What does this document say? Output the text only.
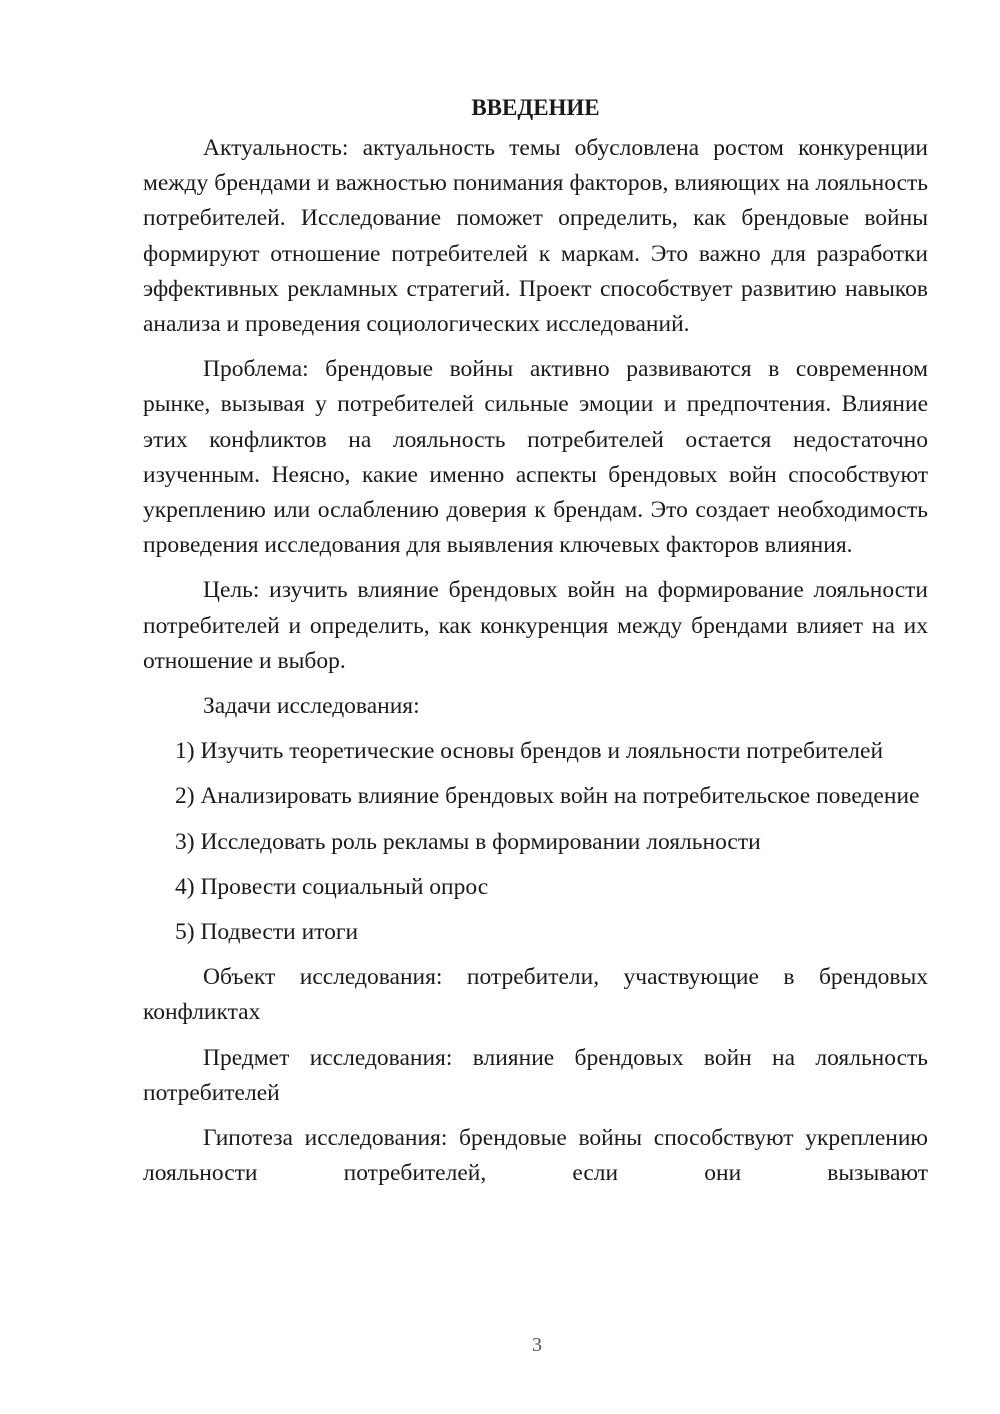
ВВЕДЕНИЕ

Актуальность: актуальность темы обусловлена ростом конкуренции между брендами и важностью понимания факторов, влияющих на лояльность потребителей. Исследование поможет определить, как брендовые войны формируют отношение потребителей к маркам. Это важно для разработки эффективных рекламных стратегий. Проект способствует развитию навыков анализа и проведения социологических исследований.

Проблема: брендовые войны активно развиваются в современном рынке, вызывая у потребителей сильные эмоции и предпочтения. Влияние этих конфликтов на лояльность потребителей остается недостаточно изученным. Неясно, какие именно аспекты брендовых войн способствуют укреплению или ослаблению доверия к брендам. Это создает необходимость проведения исследования для выявления ключевых факторов влияния.

Цель: изучить влияние брендовых войн на формирование лояльности потребителей и определить, как конкуренция между брендами влияет на их отношение и выбор.

Задачи исследования:

1) Изучить теоретические основы брендов и лояльности потребителей

2) Анализировать влияние брендовых войн на потребительское поведение

3) Исследовать роль рекламы в формировании лояльности

4) Провести социальный опрос

5) Подвести итоги

Объект исследования: потребители, участвующие в брендовых конфликтах

Предмет исследования: влияние брендовых войн на лояльность потребителей

Гипотеза исследования: брендовые войны способствуют укреплению лояльности потребителей, если они вызывают

3
